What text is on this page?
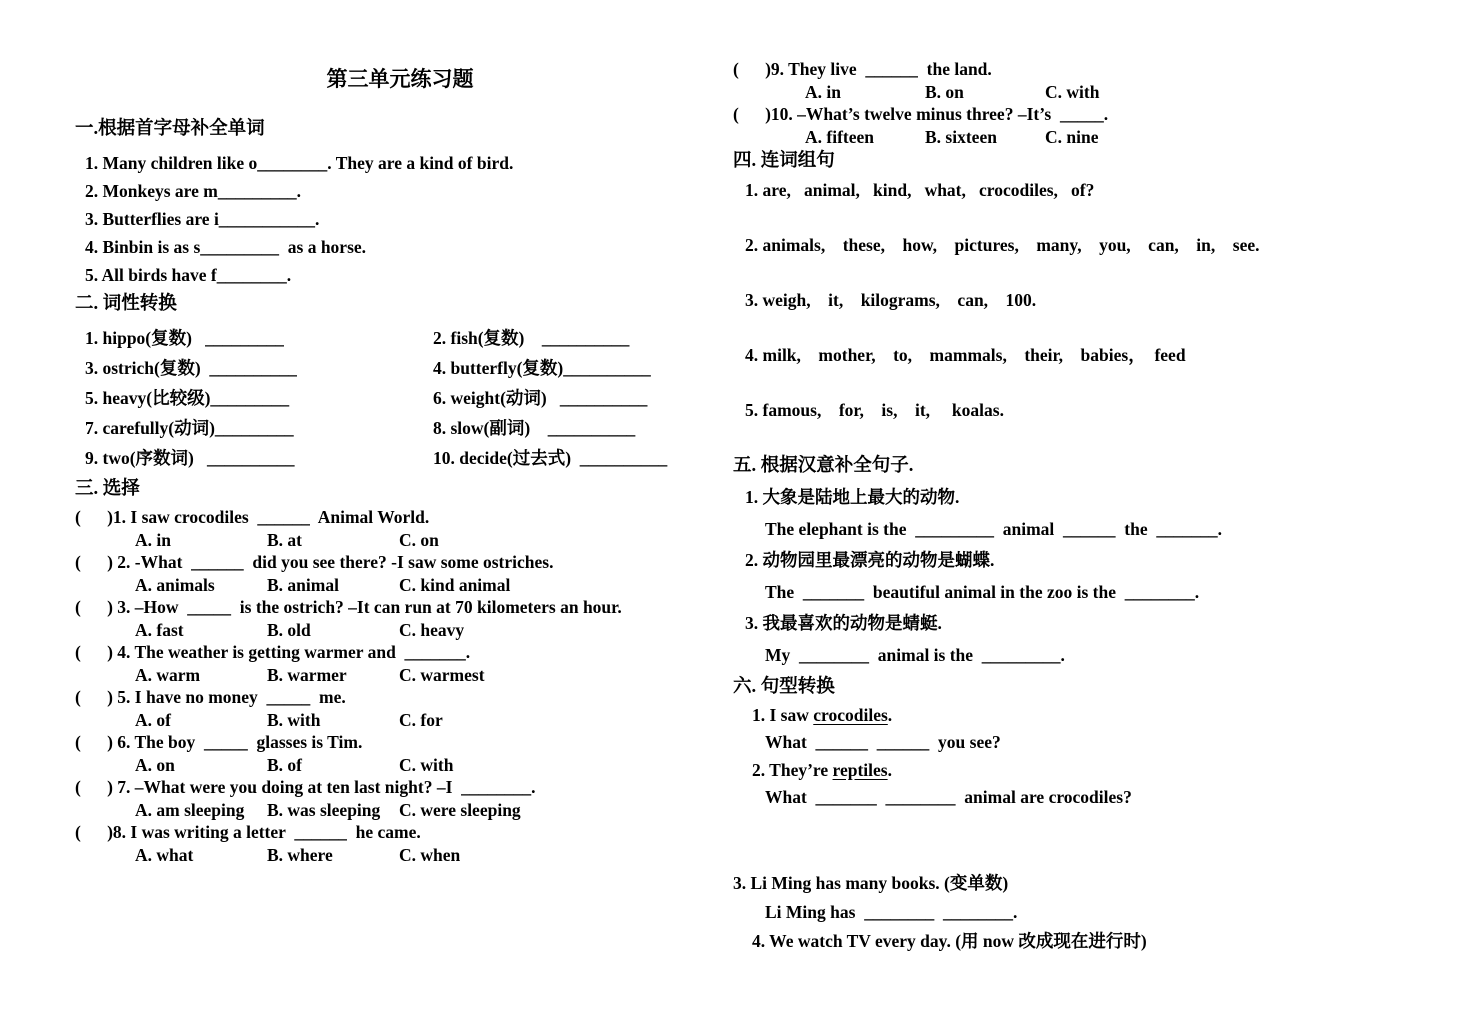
第三单元练习题
一.根据首字母补全单词
1. Many children like o________. They are a kind of bird.
2. Monkeys are m_________.
3. Butterflies are i___________.
4. Binbin is as s_________  as a horse.
5. All birds have f________.
二. 词性转换
1. hippo(复数)   _________	2. fish(复数)    __________
3. ostrich(复数)  __________	4. butterfly(复数)__________
5. heavy(比较级)_________	6. weight(动词)   __________
7. carefully(动词)_________	8. slow(副词)    __________
9. two(序数词)   __________	10. decide(过去式)  __________
三. 选择
(      )1. I saw crocodiles  ______  Animal World.
A. in	B. at	C. on
(      ) 2. -What  ______  did you see there? -I saw some ostriches.
A. animals	B. animal	C. kind animal
(      ) 3. –How  _____  is the ostrich? –It can run at 70 kilometers an hour.
A. fast	B. old	C. heavy
(      ) 4. The weather is getting warmer and  _______.
A. warm	B. warmer	C. warmest
(      ) 5. I have no money  _____  me.
A. of	B. with	C. for
(      ) 6. The boy  _____  glasses is Tim.
A. on	B. of	C. with
(      ) 7. –What were you doing at ten last night? –I  ________.
A. am sleeping	B. was sleeping	C. were sleeping
(      )8. I was writing a letter  ______  he came.
A. what	B. where	C. when
(      )9. They live  ______  the land.
A. in	B. on	C. with
(      )10. –What’s twelve minus three? –It’s  _____.
A. fifteen	B. sixteen	C. nine
四. 连词组句
1. are,   animal,   kind,   what,   crocodiles,   of?
2. animals,    these,    how,    pictures,    many,    you,    can,    in,    see.
3. weigh,    it,    kilograms,    can,    100.
4. milk,    mother,    to,    mammals,    their,    babies，  feed
5. famous,    for,    is,    it,     koalas.
五. 根据汉意补全句子.
1. 大象是陆地上最大的动物.
The elephant is the  _________  animal  ______  the  _______.
2. 动物园里最漂亮的动物是蝴蝶.
The  _______  beautiful animal in the zoo is the  ________.
3. 我最喜欢的动物是蜻蜓.
My  ________  animal is the  _________.
六. 句型转换
1. I saw crocodiles.
What  ______  ______  you see?
2. They’re reptiles.
What  _______  ________  animal are crocodiles?
3. Li Ming has many books. (变单数)
Li Ming has  ________  ________.
4. We watch TV every day. (用 now 改成现在进行时)
